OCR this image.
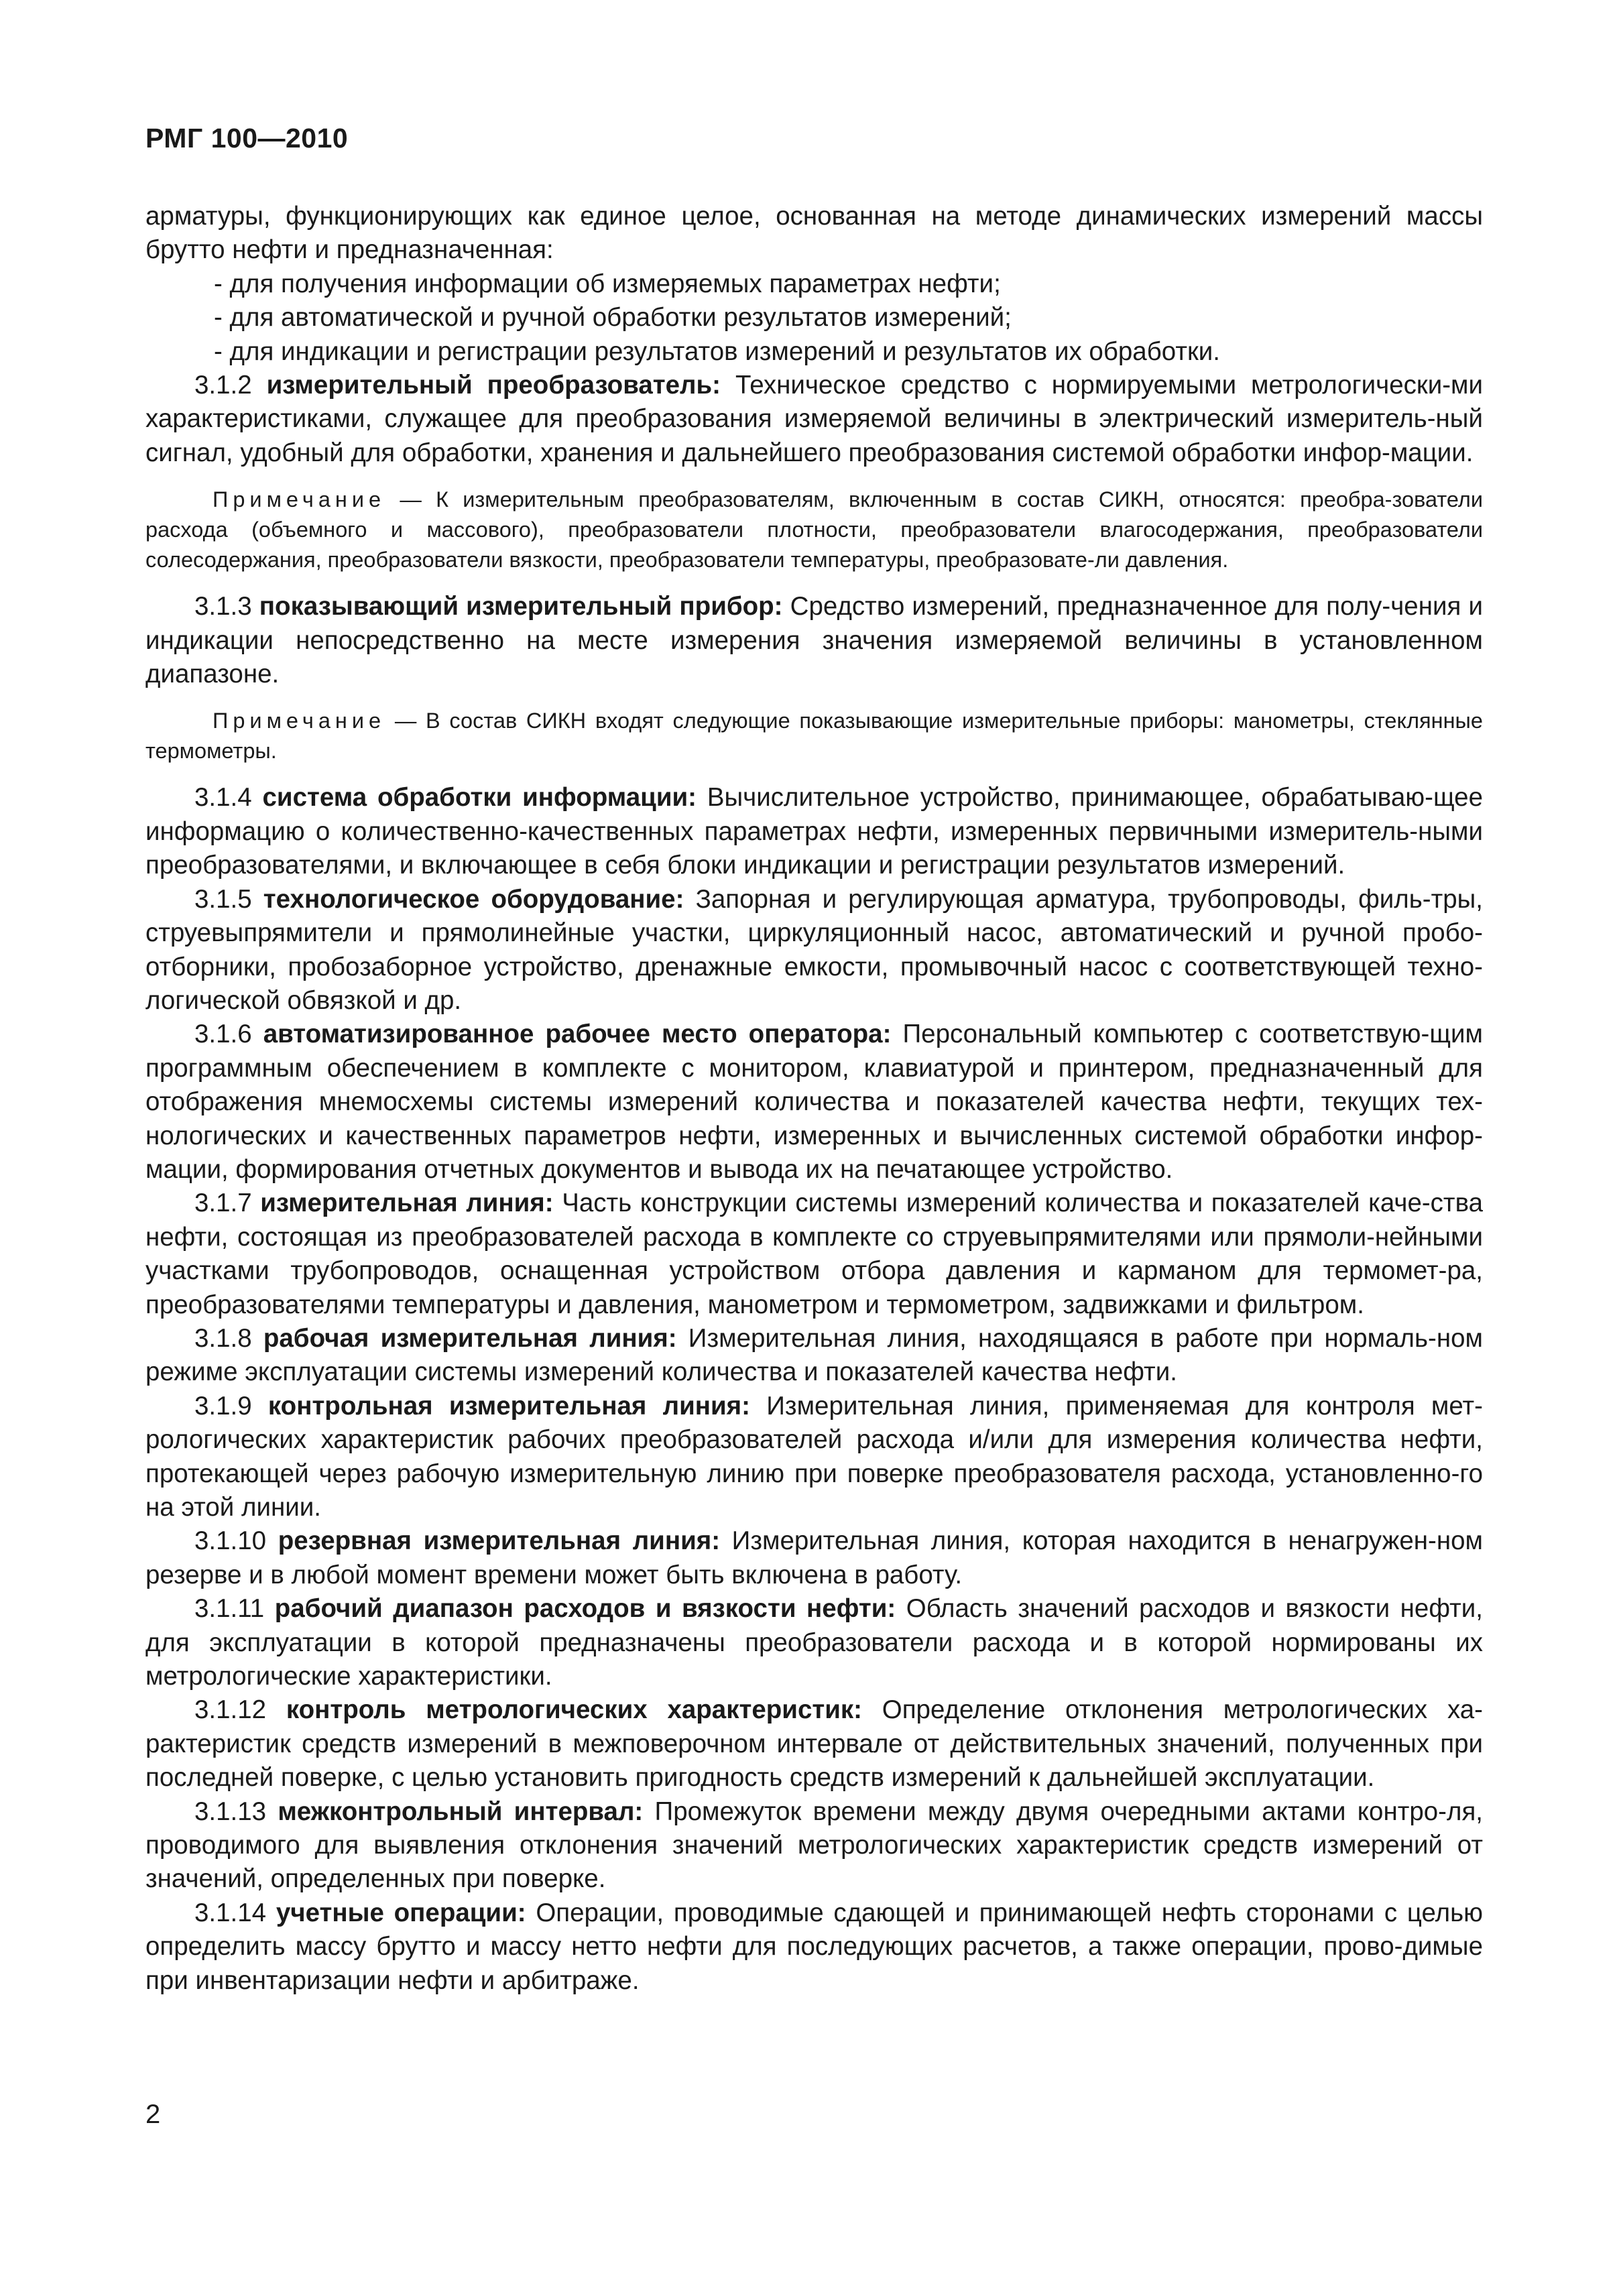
РМГ 100—2010

арматуры, функционирующих как единое целое, основанная на методе динамических измерений массы брутто нефти и предназначенная:

- для получения информации об измеряемых параметрах нефти;

- для автоматической и ручной обработки результатов измерений;

- для индикации и регистрации результатов измерений и результатов их обработки.

3.1.2 измерительный преобразователь: Техническое средство с нормируемыми метрологически-ми характеристиками, служащее для преобразования измеряемой величины в электрический измеритель-ный сигнал, удобный для обработки, хранения и дальнейшего преобразования системой обработки инфор-мации.

Примечание — К измерительным преобразователям, включенным в состав СИКН, относятся: преобра-зователи расхода (объемного и массового), преобразователи плотности, преобразователи влагосодержания, преобразователи солесодержания, преобразователи вязкости, преобразователи температуры, преобразовате-ли давления.

3.1.3 показывающий измерительный прибор: Средство измерений, предназначенное для полу-чения и индикации непосредственно на месте измерения значения измеряемой величины в установленном диапазоне.

Примечание — В состав СИКН входят следующие показывающие измерительные приборы: манометры, стеклянные термометры.

3.1.4 система обработки информации: Вычислительное устройство, принимающее, обрабатываю-щее информацию о количественно-качественных параметрах нефти, измеренных первичными измеритель-ными преобразователями, и включающее в себя блоки индикации и регистрации результатов измерений.

3.1.5 технологическое оборудование: Запорная и регулирующая арматура, трубопроводы, филь-тры, струевыпрямители и прямолинейные участки, циркуляционный насос, автоматический и ручной пробо-отборники, пробозаборное устройство, дренажные емкости, промывочный насос с соответствующей техно-логической обвязкой и др.

3.1.6 автоматизированное рабочее место оператора: Персональный компьютер с соответствую-щим программным обеспечением в комплекте с монитором, клавиатурой и принтером, предназначенный для отображения мнемосхемы системы измерений количества и показателей качества нефти, текущих тех-нологических и качественных параметров нефти, измеренных и вычисленных системой обработки инфор-мации, формирования отчетных документов и вывода их на печатающее устройство.

3.1.7 измерительная линия: Часть конструкции системы измерений количества и показателей каче-ства нефти, состоящая из преобразователей расхода в комплекте со струевыпрямителями или прямоли-нейными участками трубопроводов, оснащенная устройством отбора давления и карманом для термомет-ра, преобразователями температуры и давления, манометром и термометром, задвижками и фильтром.

3.1.8 рабочая измерительная линия: Измерительная линия, находящаяся в работе при нормаль-ном режиме эксплуатации системы измерений количества и показателей качества нефти.

3.1.9 контрольная измерительная линия: Измерительная линия, применяемая для контроля мет-рологических характеристик рабочих преобразователей расхода и/или для измерения количества нефти, протекающей через рабочую измерительную линию при поверке преобразователя расхода, установленно-го на этой линии.

3.1.10 резервная измерительная линия: Измерительная линия, которая находится в ненагружен-ном резерве и в любой момент времени может быть включена в работу.

3.1.11 рабочий диапазон расходов и вязкости нефти: Область значений расходов и вязкости нефти, для эксплуатации в которой предназначены преобразователи расхода и в которой нормированы их метрологические характеристики.

3.1.12 контроль метрологических характеристик: Определение отклонения метрологических ха-рактеристик средств измерений в межповерочном интервале от действительных значений, полученных при последней поверке, с целью установить пригодность средств измерений к дальнейшей эксплуатации.

3.1.13 межконтрольный интервал: Промежуток времени между двумя очередными актами контро-ля, проводимого для выявления отклонения значений метрологических характеристик средств измерений от значений, определенных при поверке.

3.1.14 учетные операции: Операции, проводимые сдающей и принимающей нефть сторонами с целью определить массу брутто и массу нетто нефти для последующих расчетов, а также операции, прово-димые при инвентаризации нефти и арбитраже.

2
